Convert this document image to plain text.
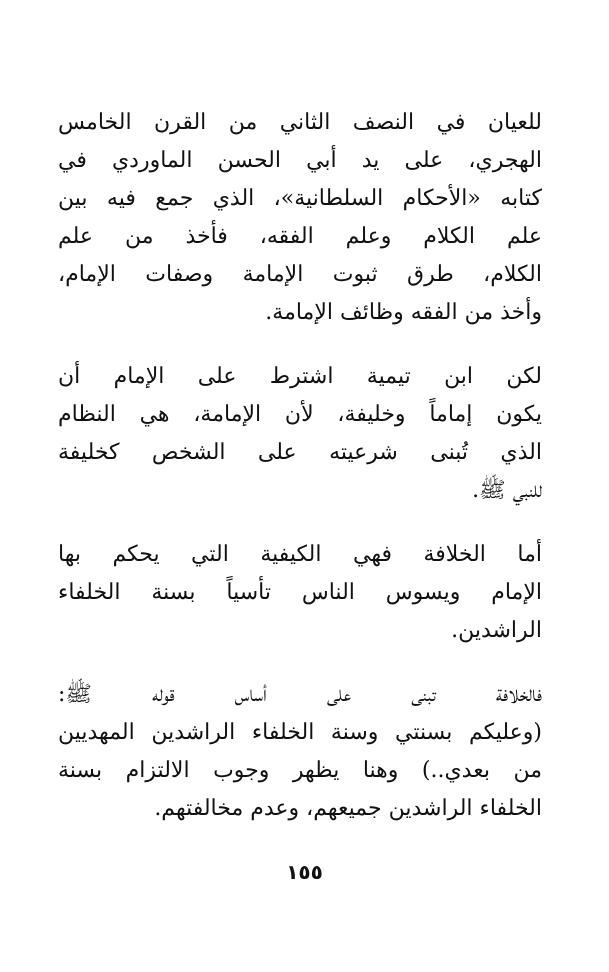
للعيان في النصف الثاني من القرن الخامس
الهجري، على يد أبي الحسن الماوردي في
كتابه «الأحكام السلطانية»، الذي جمع فيه بين
علم الكلام وعلم الفقه، فأخذ من علم
الكلام، طرق ثبوت الإمامة وصفات الإمام،
وأخذ من الفقه وظائف الإمامة.
لكن ابن تيمية اشترط على الإمام أن
يكون إماماً وخليفة، لأن الإمامة، هي النظام
الذي تُبنى شرعيته على الشخص كخليفة
للنبي ﷺ.
أما الخلافة فهي الكيفية التي يحكم بها
الإمام ويسوس الناس تأسياً بسنة الخلفاء
الراشدين.
فالخلافة تبنى على أساس قوله ﷺ:
(وعليكم بسنتي وسنة الخلفاء الراشدين المهديين
من بعدي..) وهنا يظهر وجوب الالتزام بسنة
الخلفاء الراشدين جميعهم، وعدم مخالفتهم.
١٥٥
